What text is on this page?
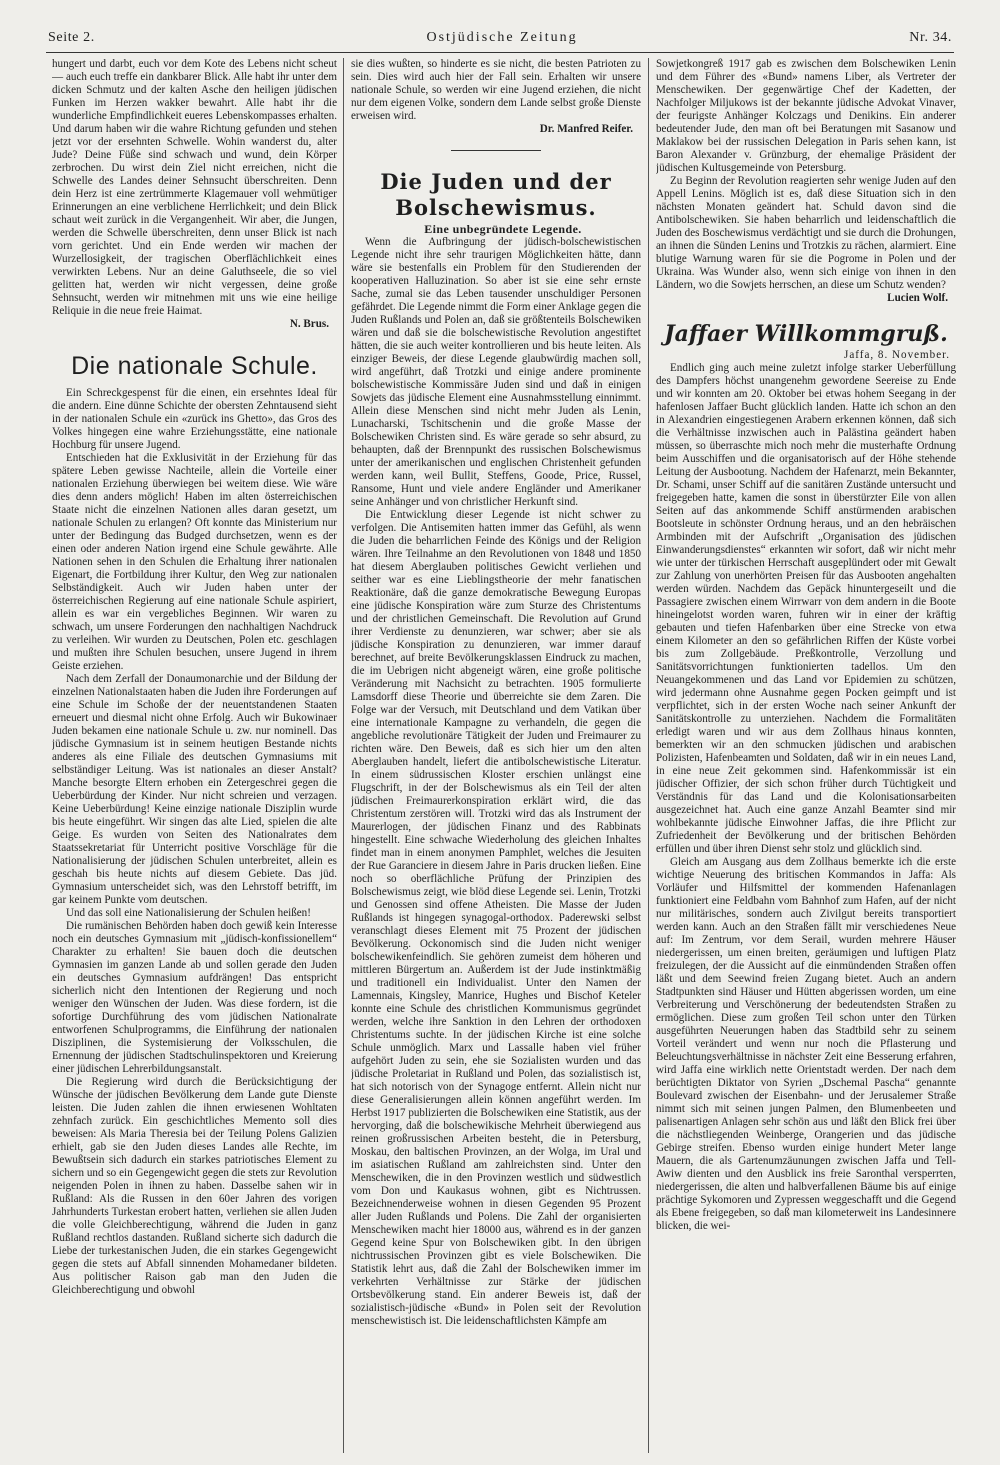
Seite 2.	Ostjüdische Zeitung	Nr. 34.

hungert und darbt, euch vor dem Kote des Lebens nicht scheut — auch euch treffe ein dankbarer Blick. Alle habt ihr unter dem dicken Schmutz und der kalten Asche den heiligen jüdischen Funken im Herzen wakker bewahrt. Alle habt ihr die wunderliche Empfindlichkeit eueres Lebenskompasses erhalten. Und darum haben wir die wahre Richtung gefunden und stehen jetzt vor der ersehnten Schwelle. Wohin wanderst du, alter Jude? Deine Füße sind schwach und wund, dein Körper zerbrochen. Du wirst dein Ziel nicht erreichen, nicht die Schwelle des Landes deiner Sehnsucht überschreiten. Denn dein Herz ist eine zertrümmerte Klagemauer voll wehmütiger Erinnerungen an eine verblichene Herrlichkeit; und dein Blick schaut weit zurück in die Vergangenheit. Wir aber, die Jungen, werden die Schwelle überschreiten, denn unser Blick ist nach vorn gerichtet. Und ein Ende werden wir machen der Wurzellosigkeit, der tragischen Oberflächlichkeit eines verwirkten Lebens. Nur an deine Galuthseele, die so viel gelitten hat, werden wir nicht vergessen, deine große Sehnsucht, werden wir mitnehmen mit uns wie eine heilige Reliquie in die neue freie Haimat.

N. Brus.

Die nationale Schule.

Ein Schreckgespenst für die einen, ein ersehntes Ideal für die andern. Eine dünne Schichte der obersten Zehntausend sieht in der nationalen Schule ein «zurück ins Ghetto», das Gros des Volkes hingegen eine wahre Erziehungsstätte, eine nationale Hochburg für unsere Jugend.

Entschieden hat die Exklusivität in der Erziehung für das spätere Leben gewisse Nachteile, allein die Vorteile einer nationalen Erziehung überwiegen bei weitem diese. Wie wäre dies denn anders möglich! Haben im alten österreichischen Staate nicht die einzelnen Nationen alles daran gesetzt, um nationale Schulen zu erlangen? Oft konnte das Ministerium nur unter der Bedingung das Budged durchsetzen, wenn es der einen oder anderen Nation irgend eine Schule gewährte. Alle Nationen sehen in den Schulen die Erhaltung ihrer nationalen Eigenart, die Fortbildung ihrer Kultur, den Weg zur nationalen Selbständigkeit. Auch wir Juden haben unter der österreichischen Regierung auf eine nationale Schule aspiriert, allein es war ein vergebliches Beginnen. Wir waren zu schwach, um unsere Forderungen den nachhaltigen Nachdruck zu verleihen. Wir wurden zu Deutschen, Polen etc. geschlagen und mußten ihre Schulen besuchen, unsere Jugend in ihrem Geiste erziehen.

Nach dem Zerfall der Donaumonarchie und der Bildung der einzelnen Nationalstaaten haben die Juden ihre Forderungen auf eine Schule im Schoße der der neuentstandenen Staaten erneuert und diesmal nicht ohne Erfolg. Auch wir Bukowinaer Juden bekamen eine nationale Schule u. zw. nur nominell. Das jüdische Gymnasium ist in seinem heutigen Bestande nichts anderes als eine Filiale des deutschen Gymnasiums mit selbständiger Leitung. Was ist nationales an dieser Anstalt? Manche besorgte Eltern erhoben ein Zetergeschrei gegen die Ueberbürdung der Kinder. Nur nicht schreien und verzagen. Keine Ueberbürdung! Keine einzige nationale Disziplin wurde bis heute eingeführt. Wir singen das alte Lied, spielen die alte Geige. Es wurden von Seiten des Nationalrates dem Staatssekretariat für Unterricht positive Vorschläge für die Nationalisierung der jüdischen Schulen unterbreitet, allein es geschah bis heute nichts auf diesem Gebiete. Das jüd. Gymnasium unterscheidet sich, was den Lehrstoff betrifft, im gar keinem Punkte vom deutschen.

Und das soll eine Nationalisierung der Schulen heißen!

Die rumänischen Behörden haben doch gewiß kein Interesse noch ein deutsches Gymnasium mit „jüdisch-konfissionellem“ Charakter zu erhalten! Sie bauen doch die deutschen Gymnasien im ganzen Lande ab und sollen gerade den Juden ein deutsches Gymnasium aufdrängen! Das entspricht sicherlich nicht den Intentionen der Regierung und noch weniger den Wünschen der Juden. Was diese fordern, ist die sofortige Durchführung des vom jüdischen Nationalrate entworfenen Schulprogramms, die Einführung der nationalen Disziplinen, die Systemisierung der Volksschulen, die Ernennung der jüdischen Stadtschulinspektoren und Kreierung einer jüdischen Lehrerbildungsanstalt.

Die Regierung wird durch die Berücksichtigung der Wünsche der jüdischen Bevölkerung dem Lande gute Dienste leisten. Die Juden zahlen die ihnen erwiesenen Wohltaten zehnfach zurück. Ein geschichtliches Memento soll dies beweisen: Als Maria Theresia bei der Teilung Polens Galizien erhielt, gab sie den Juden dieses Landes alle Rechte, im Bewußtsein sich dadurch ein starkes patriotisches Element zu sichern und so ein Gegengewicht gegen die stets zur Revolution neigenden Polen in ihnen zu haben. Dasselbe sahen wir in Rußland: Als die Russen in den 60er Jahren des vorigen Jahrhunderts Turkestan erobert hatten, verliehen sie allen Juden die volle Gleichberechtigung, während die Juden in ganz Rußland rechtlos dastanden. Rußland sicherte sich dadurch die Liebe der turkestanischen Juden, die ein starkes Gegengewicht gegen die stets auf Abfall sinnenden Mohamedaner bildeten. Aus politischer Raison gab man den Juden die Gleichberechtigung und obwohl

sie dies wußten, so hinderte es sie nicht, die besten Patrioten zu sein. Dies wird auch hier der Fall sein. Erhalten wir unsere nationale Schule, so werden wir eine Jugend erziehen, die nicht nur dem eigenen Volke, sondern dem Lande selbst große Dienste erweisen wird.

Dr. Manfred Reifer.

Die Juden und der Bolschewismus.

Eine unbegründete Legende.

Wenn die Aufbringung der jüdisch-bolschewistischen Legende nicht ihre sehr traurigen Möglichkeiten hätte, dann wäre sie bestenfalls ein Problem für den Studierenden der kooperativen Halluzination. So aber ist sie eine sehr ernste Sache, zumal sie das Leben tausender unschuldiger Personen gefährdet. Die Legende nimmt die Form einer Anklage gegen die Juden Rußlands und Polen an, daß sie größtenteils Bolschewiken wären und daß sie die bolschewistische Revolution angestiftet hätten, die sie auch weiter kontrollieren und bis heute leiten. Als einziger Beweis, der diese Legende glaubwürdig machen soll, wird angeführt, daß Trotzki und einige andere prominente bolschewistische Kommissäre Juden sind und daß in einigen Sowjets das jüdische Element eine Ausnahmsstellung einnimmt. Allein diese Menschen sind nicht mehr Juden als Lenin, Lunacharski, Tschitschenin und die große Masse der Bolschewiken Christen sind. Es wäre gerade so sehr absurd, zu behaupten, daß der Brennpunkt des russischen Bolschewismus unter der amerikanischen und englischen Christenheit gefunden werden kann, weil Bullit, Steffens, Goode, Price, Russel, Ransome, Hunt und viele andere Engländer und Amerikaner seine Anhänger und von christlicher Herkunft sind.

Die Entwicklung dieser Legende ist nicht schwer zu verfolgen. Die Antisemiten hatten immer das Gefühl, als wenn die Juden die beharrlichen Feinde des Königs und der Religion wären. Ihre Teilnahme an den Revolutionen von 1848 und 1850 hat diesem Aberglauben politisches Gewicht verliehen und seither war es eine Lieblingstheorie der mehr fanatischen Reaktionäre, daß die ganze demokratische Bewegung Europas eine jüdische Konspiration wäre zum Sturze des Christentums und der christlichen Gemeinschaft. Die Revolution auf Grund ihrer Verdienste zu denunzieren, war schwer; aber sie als jüdische Konspiration zu denunzieren, war immer darauf berechnet, auf breite Bevölkerungsklassen Eindruck zu machen, die im Uebrigen nicht abgeneigt wären, eine große politische Veränderung mit Nachsicht zu betrachten. 1905 formulierte Lamsdorff diese Theorie und überreichte sie dem Zaren. Die Folge war der Versuch, mit Deutschland und dem Vatikan über eine internationale Kampagne zu verhandeln, die gegen die angebliche revolutionäre Tätigkeit der Juden und Freimaurer zu richten wäre. Den Beweis, daß es sich hier um den alten Aberglauben handelt, liefert die antibolschewistische Literatur. In einem südrussischen Kloster erschien unlängst eine Flugschrift, in der der Bolschewismus als ein Teil der alten jüdischen Freimaurerkonspiration erklärt wird, die das Christentum zerstören will. Trotzki wird das als Instrument der Maurerlogen, der jüdischen Finanz und des Rabbinats hingestellt. Eine schwache Wiederholung des gleichen Inhaltes findet man in einem anonymen Pamphlet, welches die Jesuiten der Rue Garanciere in diesem Jahre in Paris drucken ließen. Eine noch so oberflächliche Prüfung der Prinzipien des Bolschewismus zeigt, wie blöd diese Legende sei. Lenin, Trotzki und Genossen sind offene Atheisten. Die Masse der Juden Rußlands ist hingegen synagogal-orthodox. Paderewski selbst veranschlagt dieses Element mit 75 Prozent der jüdischen Bevölkerung. Ockonomisch sind die Juden nicht weniger bolschewikenfeindlich. Sie gehören zumeist dem höheren und mittleren Bürgertum an. Außerdem ist der Jude instinktmäßig und traditionell ein Individualist. Unter den Namen der Lamennais, Kingsley, Manrice, Hughes und Bischof Keteler konnte eine Schule des christlichen Kommunismus gegründet werden, welche ihre Sanktion in den Lehren der orthodoxen Christentums suchte. In der jüdischen Kirche ist eine solche Schule unmöglich. Marx und Lassalle haben viel früher aufgehört Juden zu sein, ehe sie Sozialisten wurden und das jüdische Proletariat in Rußland und Polen, das sozialistisch ist, hat sich notorisch von der Synagoge entfernt. Allein nicht nur diese Generalisierungen allein können angeführt werden. Im Herbst 1917 publizierten die Bolschewiken eine Statistik, aus der hervorging, daß die bolschewikische Mehrheit überwiegend aus reinen großrussischen Arbeiten besteht, die in Petersburg, Moskau, den baltischen Provinzen, an der Wolga, im Ural und im asiatischen Rußland am zahlreichsten sind. Unter den Menschewiken, die in den Provinzen westlich und südwestlich vom Don und Kaukasus wohnen, gibt es Nichtrussen. Bezeichnenderweise wohnen in diesen Gegenden 95 Prozent aller Juden Rußlands und Polens. Die Zahl der organisierten Menschewiken macht hier 18000 aus, während es in der ganzen Gegend keine Spur von Bolschewiken gibt. In den übrigen nichtrussischen Provinzen gibt es viele Bolschewiken. Die Statistik lehrt aus, daß die Zahl der Bolschewiken immer im verkehrten Verhältnisse zur Stärke der jüdischen Ortsbevölkerung stand. Ein anderer Beweis ist, daß der sozialistisch-jüdische «Bund» in Polen seit der Revolution menschewistisch ist. Die leidenschaftlichsten Kämpfe am

Sowjetkongreß 1917 gab es zwischen dem Bolschewiken Lenin und dem Führer des «Bund» namens Liber, als Vertreter der Menschewiken. Der gegenwärtige Chef der Kadetten, der Nachfolger Miljukows ist der bekannte jüdische Advokat Vinaver, der feurigste Anhänger Kolczags und Denikins. Ein anderer bedeutender Jude, den man oft bei Beratungen mit Sasanow und Maklakow bei der russischen Delegation in Paris sehen kann, ist Baron Alexander v. Grünzburg, der ehemalige Präsident der jüdischen Kultusgemeinde von Petersburg.

Zu Beginn der Revolution reagierten sehr wenige Juden auf den Appell Lenins. Möglich ist es, daß diese Situation sich in den nächsten Monaten geändert hat. Schuld davon sind die Antibolschewiken. Sie haben beharrlich und leidenschaftlich die Juden des Boschewismus verdächtigt und sie durch die Drohungen, an ihnen die Sünden Lenins und Trotzkis zu rächen, alarmiert. Eine blutige Warnung waren für sie die Pogrome in Polen und der Ukraina. Was Wunder also, wenn sich einige von ihnen in den Ländern, wo die Sowjets herrschen, an diese um Schutz wenden?

Lucien Wolf.

Jaffaer Willkommgruß.

Jaffa, 8. November.

Endlich ging auch meine zuletzt infolge starker Ueberfüllung des Dampfers höchst unangenehm gewordene Seereise zu Ende und wir konnten am 20. Oktober bei etwas hohem Seegang in der hafenlosen Jaffaer Bucht glücklich landen. Hatte ich schon an den in Alexandrien eingestiegenen Arabern erkennen können, daß sich die Verhältnisse inzwischen auch in Palästina geändert haben müssen, so überraschte mich noch mehr die musterhafte Ordnung beim Ausschiffen und die organisatorisch auf der Höhe stehende Leitung der Ausbootung. Nachdem der Hafenarzt, mein Bekannter, Dr. Schami, unser Schiff auf die sanitären Zustände untersucht und freigegeben hatte, kamen die sonst in überstürzter Eile von allen Seiten auf das ankommende Schiff anstürmenden arabischen Bootsleute in schönster Ordnung heraus, und an den hebräischen Armbinden mit der Aufschrift „Organisation des jüdischen Einwanderungsdienstes“ erkannten wir sofort, daß wir nicht mehr wie unter der türkischen Herrschaft ausgeplündert oder mit Gewalt zur Zahlung von unerhörten Preisen für das Ausbooten angehalten werden würden. Nachdem das Gepäck hinuntergeseilt und die Passagiere zwischen einem Wirrwarr von dem andern in die Boote hineingelotst worden waren, fuhren wir in einer der kräftig gebauten und tiefen Hafenbarken über eine Strecke von etwa einem Kilometer an den so gefährlichen Riffen der Küste vorbei bis zum Zollgebäude. Preßkontrolle, Verzollung und Sanitätsvorrichtungen funktionierten tadellos. Um den Neuangekommenen und das Land vor Epidemien zu schützen, wird jedermann ohne Ausnahme gegen Pocken geimpft und ist verpflichtet, sich in der ersten Woche nach seiner Ankunft der Sanitätskontrolle zu unterziehen. Nachdem die Formalitäten erledigt waren und wir aus dem Zollhaus hinaus konnten, bemerkten wir an den schmucken jüdischen und arabischen Polizisten, Hafenbeamten und Soldaten, daß wir in ein neues Land, in eine neue Zeit gekommen sind. Hafenkommissär ist ein jüdischer Offizier, der sich schon früher durch Tüchtigkeit und Verständnis für das Land und die Kolonisationsarbeiten ausgezeichnet hat. Auch eine ganze Anzahl Beamter sind mir wohlbekannte jüdische Einwohner Jaffas, die ihre Pflicht zur Zufriedenheit der Bevölkerung und der britischen Behörden erfüllen und über ihren Dienst sehr stolz und glücklich sind.

Gleich am Ausgang aus dem Zollhaus bemerkte ich die erste wichtige Neuerung des britischen Kommandos in Jaffa: Als Vorläufer und Hilfsmittel der kommenden Hafenanlagen funktioniert eine Feldbahn vom Bahnhof zum Hafen, auf der nicht nur militärisches, sondern auch Zivilgut bereits transportiert werden kann. Auch an den Straßen fällt mir verschiedenes Neue auf: Im Zentrum, vor dem Serail, wurden mehrere Häuser niedergerissen, um einen breiten, geräumigen und luftigen Platz freizulegen, der die Aussicht auf die einmündenden Straßen offen läßt und dem Seewind freien Zugang bietet. Auch an andern Stadtpunkten sind Häuser und Hütten abgerissen worden, um eine Verbreiterung und Verschönerung der bedeutendsten Straßen zu ermöglichen. Diese zum großen Teil schon unter den Türken ausgeführten Neuerungen haben das Stadtbild sehr zu seinem Vorteil verändert und wenn nur noch die Pflasterung und Beleuchtungsverhältnisse in nächster Zeit eine Besserung erfahren, wird Jaffa eine wirklich nette Orientstadt werden. Der nach dem berüchtigten Diktator von Syrien „Dschemal Pascha“ genannte Boulevard zwischen der Eisenbahn- und der Jerusalemer Straße nimmt sich mit seinen jungen Palmen, den Blumenbeeten und palisenartigen Anlagen sehr schön aus und läßt den Blick frei über die nächstliegenden Weinberge, Orangerien und das jüdische Gebirge streifen. Ebenso wurden einige hundert Meter lange Mauern, die als Gartenumzäunungen zwischen Jaffa und Tell-Awiw dienten und den Ausblick ins freie Saronthal versperrten, niedergerissen, die alten und halbverfallenen Bäume bis auf einige prächtige Sykomoren und Zypressen weggeschafft und die Gegend als Ebene freigegeben, so daß man kilometerweit ins Landesinnere blicken, die wei-
